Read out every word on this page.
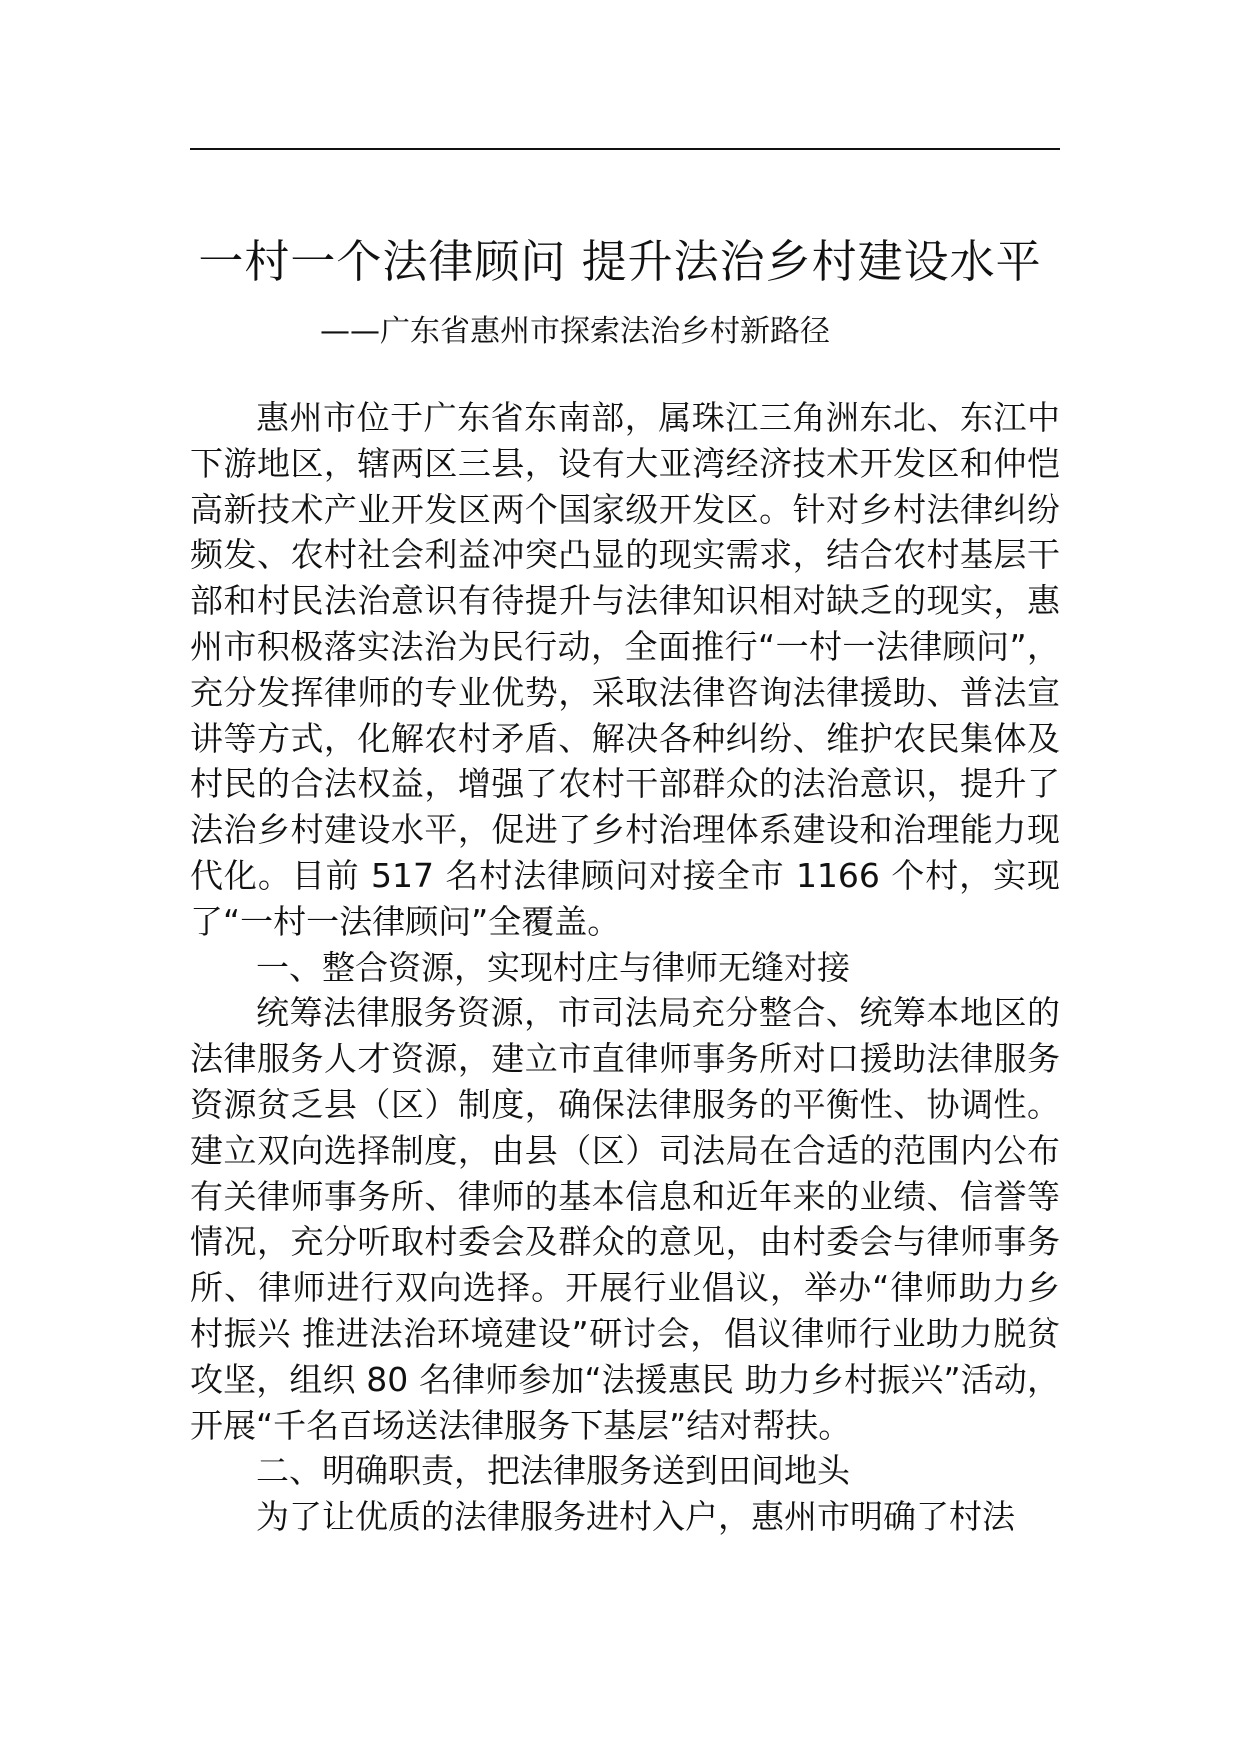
一村一个法律顾问 提升法治乡村建设水平
——广东省惠州市探索法治乡村新路径

惠州市位于广东省东南部，属珠江三角洲东北、东江中下游地区，辖两区三县，设有大亚湾经济技术开发区和仲恺高新技术产业开发区两个国家级开发区。针对乡村法律纠纷频发、农村社会利益冲突凸显的现实需求，结合农村基层干部和村民法治意识有待提升与法律知识相对缺乏的现实，惠州市积极落实法治为民行动，全面推行“一村一法律顾问”，充分发挥律师的专业优势，采取法律咨询法律援助、普法宣讲等方式，化解农村矛盾、解决各种纠纷、维护农民集体及村民的合法权益，增强了农村干部群众的法治意识，提升了法治乡村建设水平，促进了乡村治理体系建设和治理能力现代化。目前 517 名村法律顾问对接全市 1166 个村，实现了“一村一法律顾问”全覆盖。

一、整合资源，实现村庄与律师无缝对接

统筹法律服务资源，市司法局充分整合、统筹本地区的法律服务人才资源，建立市直律师事务所对口援助法律服务资源贫乏县（区）制度，确保法律服务的平衡性、协调性。建立双向选择制度，由县（区）司法局在合适的范围内公布有关律师事务所、律师的基本信息和近年来的业绩、信誉等情况，充分听取村委会及群众的意见，由村委会与律师事务所、律师进行双向选择。开展行业倡议，举办“律师助力乡村振兴 推进法治环境建设”研讨会，倡议律师行业助力脱贫攻坚，组织 80 名律师参加“法援惠民 助力乡村振兴”活动，开展“千名百场送法律服务下基层”结对帮扶。

二、明确职责，把法律服务送到田间地头

为了让优质的法律服务进村入户，惠州市明确了村法
